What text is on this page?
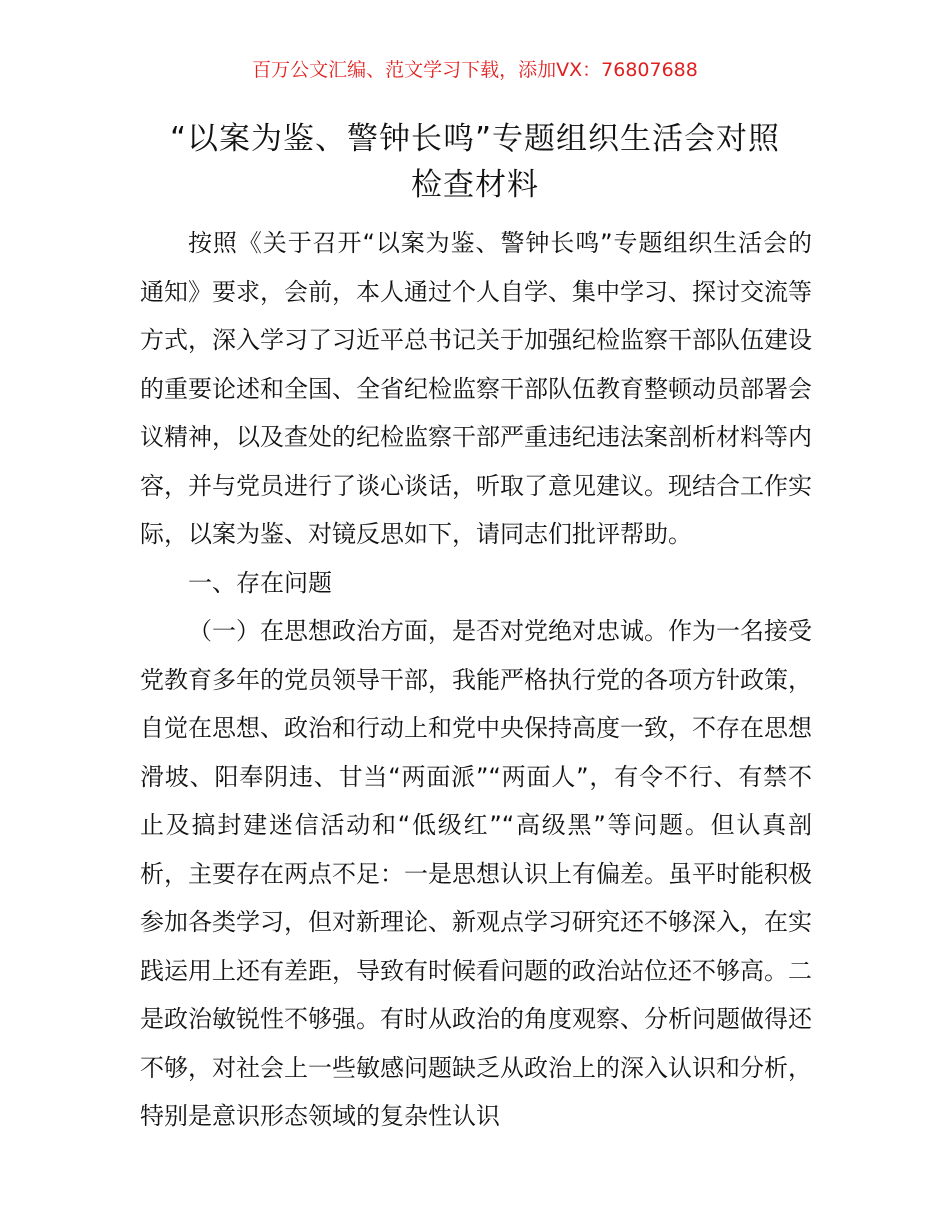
百万公文汇编、范文学习下载，添加VX：76807688
“以案为鉴、警钟长鸣”专题组织生活会对照
检查材料

按照《关于召开“以案为鉴、警钟长鸣”专题组织生活会的通知》要求，会前，本人通过个人自学、集中学习、探讨交流等方式，深入学习了习近平总书记关于加强纪检监察干部队伍建设的重要论述和全国、全省纪检监察干部队伍教育整顿动员部署会议精神，以及查处的纪检监察干部严重违纪违法案剖析材料等内容，并与党员进行了谈心谈话，听取了意见建议。现结合工作实际，以案为鉴、对镜反思如下，请同志们批评帮助。

一、存在问题

（一）在思想政治方面，是否对党绝对忠诚。作为一名接受党教育多年的党员领导干部，我能严格执行党的各项方针政策，自觉在思想、政治和行动上和党中央保持高度一致，不存在思想滑坡、阳奉阴违、甘当“两面派”“两面人”，有令不行、有禁不止及搞封建迷信活动和“低级红”“高级黑”等问题。但认真剖析，主要存在两点不足：一是思想认识上有偏差。虽平时能积极参加各类学习，但对新理论、新观点学习研究还不够深入，在实践运用上还有差距，导致有时候看问题的政治站位还不够高。二是政治敏锐性不够强。有时从政治的角度观察、分析问题做得还不够，对社会上一些敏感问题缺乏从政治上的深入认识和分析，特别是意识形态领域的复杂性认识
